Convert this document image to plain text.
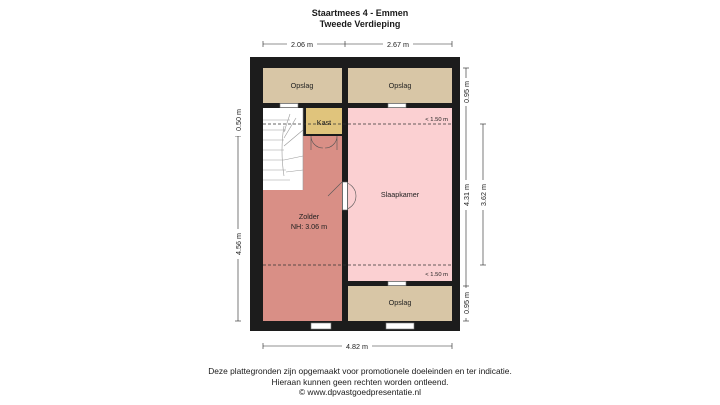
Staartmees 4 - Emmen
Tweede Verdieping
Opslag	Opslag
Kast
Slaapkamer
Zolder
NH: 3.06 m
Opslag
< 1.50 m
< 1.50 m
2.06 m	2.67 m
4.82 m
0.50 m
4.56 m
0.95 m
4.31 m
0.95 m
3.62 m
Deze plattegronden zijn opgemaakt voor promotionele doeleinden en ter indicatie.
Hieraan kunnen geen rechten worden ontleend.
© www.dpvastgoedpresentatie.nl
